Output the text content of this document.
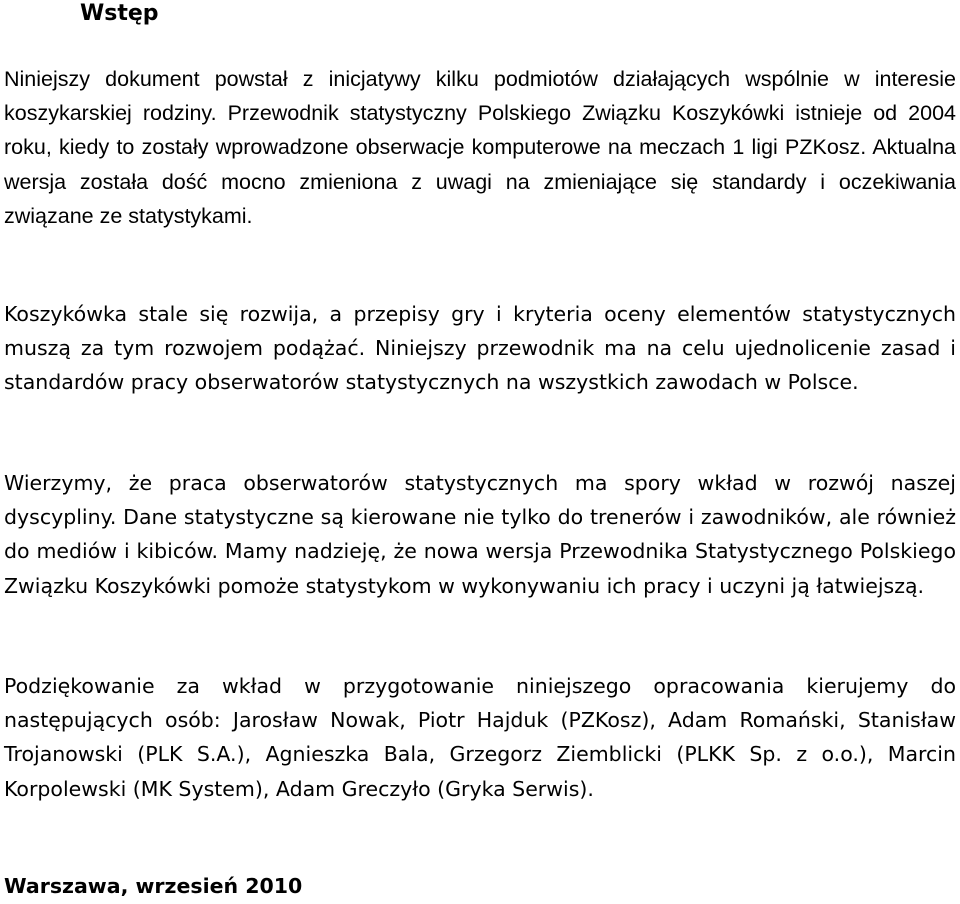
Wstęp

Niniejszy dokument powstał z inicjatywy kilku podmiotów działających wspólnie w interesie koszykarskiej rodziny. Przewodnik statystyczny Polskiego Związku Koszykówki istnieje od 2004 roku, kiedy to zostały wprowadzone obserwacje komputerowe na meczach 1 ligi PZKosz. Aktualna wersja została dość mocno zmieniona z uwagi na zmieniające się standardy i oczekiwania związane ze statystykami.

Koszykówka stale się rozwija, a przepisy gry i kryteria oceny elementów statystycznych muszą za tym rozwojem podążać. Niniejszy przewodnik ma na celu ujednolicenie zasad i standardów pracy obserwatorów statystycznych na wszystkich zawodach w Polsce.

Wierzymy, że praca obserwatorów statystycznych ma spory wkład w rozwój naszej dyscypliny. Dane statystyczne są kierowane nie tylko do trenerów i zawodników, ale również do mediów i kibiców. Mamy nadzieję, że nowa wersja Przewodnika Statystycznego Polskiego Związku Koszykówki pomoże statystykom w wykonywaniu ich pracy i uczyni ją łatwiejszą.

Podziękowanie za wkład w przygotowanie niniejszego opracowania kierujemy do następujących osób: Jarosław Nowak, Piotr Hajduk (PZKosz), Adam Romański, Stanisław Trojanowski (PLK S.A.), Agnieszka Bala, Grzegorz Ziemblicki (PLKK Sp. z o.o.), Marcin Korpolewski (MK System), Adam Greczyło (Gryka Serwis).

Warszawa, wrzesień 2010
